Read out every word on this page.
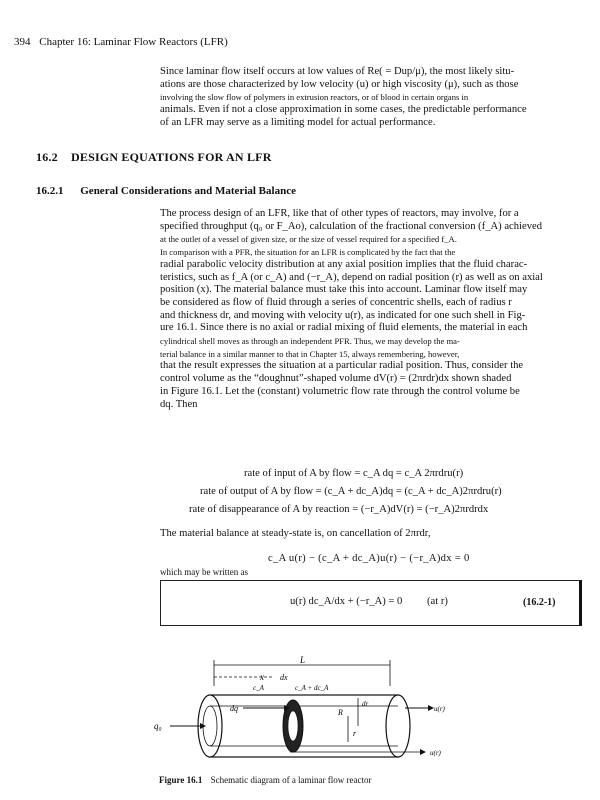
394 Chapter 16: Laminar Flow Reactors (LFR)
Since laminar flow itself occurs at low values of Re( = Dup/μ), the most likely situ-
ations are those characterized by low velocity (u) or high viscosity (μ), such as those
involving the slow flow of polymers in extrusion reactors, or of blood in certain organs in
animals. Even if not a close approximation in some cases, the predictable performance
of an LFR may serve as a limiting model for actual performance.
16.2 DESIGN EQUATIONS FOR AN LFR
16.2.1 General Considerations and Material Balance
The process design of an LFR, like that of other types of reactors, may involve, for a
specified throughput (q₀ or F_Ao), calculation of the fractional conversion (f_A) achieved
at the outlet of a vessel of given size, or the size of vessel required for a specified f_A.
In comparison with a PFR, the situation for an LFR is complicated by the fact that the
radial parabolic velocity distribution at any axial position implies that the fluid charac-
teristics, such as f_A (or c_A) and (−r_A), depend on radial position (r) as well as on axial
position (x). The material balance must take this into account. Laminar flow itself may
be considered as flow of fluid through a series of concentric shells, each of radius r
and thickness dr, and moving with velocity u(r), as indicated for one such shell in Fig-
ure 16.1. Since there is no axial or radial mixing of fluid elements, the material in each
cylindrical shell moves as through an independent PFR. Thus, we may develop the ma-
terial balance in a similar manner to that in Chapter 15, always remembering, however,
that the result expresses the situation at a particular radial position. Thus, consider the
control volume as the “doughnut”-shaped volume dV(r) = (2πrdr)dx shown shaded
in Figure 16.1. Let the (constant) volumetric flow rate through the control volume be
dq. Then
rate of input of A by flow = c_A dq = c_A 2πrdru(r)
rate of output of A by flow = (c_A + dc_A)dq = (c_A + dc_A)2πrdru(r)
rate of disappearance of A by reaction = (−r_A)dV(r) = (−r_A)2πrdrdx
The material balance at steady-state is, on cancellation of 2πrdr,
c_A u(r) − (c_A + dc_A)u(r) − (−r_A)dx = 0
which may be written as
u(r) dc_A/dx + (−r_A) = 0 (at r)	(16.2-1)
L
x dx
c_A	c_A + dc_A
dq	R
dr
r
q₀
u(r)
u(r)
Figure 16.1 Schematic diagram of a laminar flow reactor
